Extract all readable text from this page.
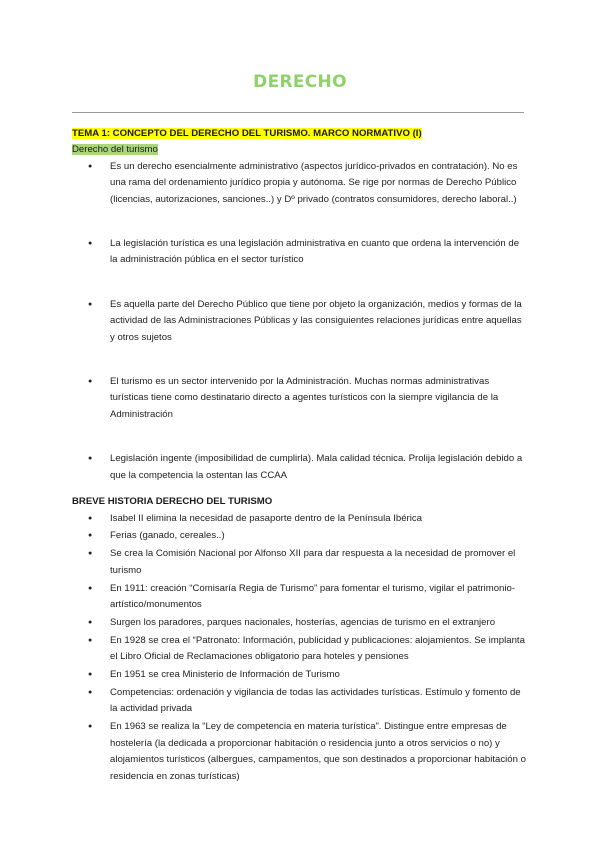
DERECHO
TEMA 1: CONCEPTO DEL DERECHO DEL TURISMO. MARCO NORMATIVO (I)
Derecho del turismo
● Es un derecho esencialmente administrativo (aspectos jurídico-privados en contratación). No es una rama del ordenamiento jurídico propia y autónoma. Se rige por normas de Derecho Público (licencias, autorizaciones, sanciones..) y Dº privado (contratos consumidores, derecho laboral..)
● La legislación turística es una legislación administrativa en cuanto que ordena la intervención de la administración pública en el sector turístico
● Es aquella parte del Derecho Público que tiene por objeto la organización, medios y formas de la actividad de las Administraciones Públicas y las consiguientes relaciones jurídicas entre aquellas y otros sujetos
● El turismo es un sector intervenido por la Administración. Muchas normas administrativas turísticas tiene como destinatario directo a agentes turísticos con la siempre vigilancia de la Administración
● Legislación ingente (imposibilidad de cumplirla). Mala calidad técnica. Prolija legislación debido a que la competencia la ostentan las CCAA
BREVE HISTORIA DERECHO DEL TURISMO
● Isabel II elimina la necesidad de pasaporte dentro de la Península Ibérica
● Ferias (ganado, cereales..)
● Se crea la Comisión Nacional por Alfonso XII para dar respuesta a la necesidad de promover el turismo
● En 1911: creación “Comisaría Regia de Turismo” para fomentar el turismo, vigilar el patrimonio-artístico/monumentos
● Surgen los paradores, parques nacionales, hosterías, agencias de turismo en el extranjero
● En 1928 se crea el “Patronato: Información, publicidad y publicaciones: alojamientos. Se implanta el Libro Oficial de Reclamaciones obligatorio para hoteles y pensiones
● En 1951 se crea Ministerio de Información de Turismo
● Competencias: ordenación y vigilancia de todas las actividades turísticas. Estímulo y fomento de la actividad privada
● En 1963 se realiza la “Ley de competencia en materia turística”. Distingue entre empresas de hostelería (la dedicada a proporcionar habitación o residencia junto a otros servicios o no) y alojamientos turísticos (albergues, campamentos, que son destinados a proporcionar habitación o residencia en zonas turísticas)
